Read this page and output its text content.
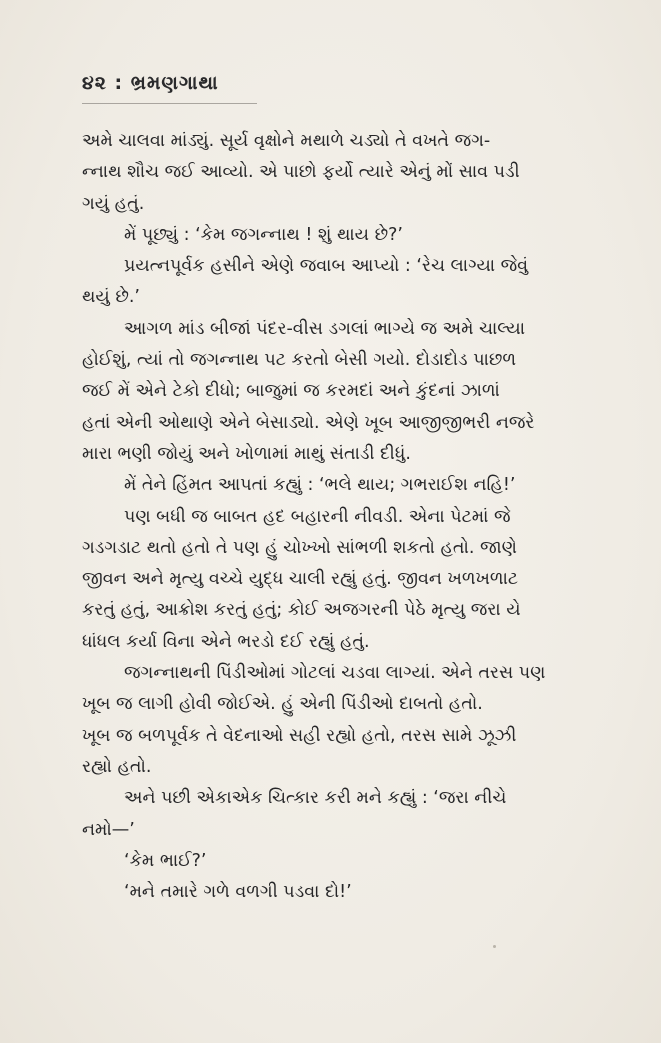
૪૨ : ભ્રમણગાથા
અમે ચાલવા માંડ્યું. સૂર્ય વૃક્ષોને મથાળે ચડ્યો તે વખતે જગ-
ન્નાથ શૌચ જઈ આવ્યો. એ પાછો ફર્યો ત્યારે એનું મોં સાવ પડી
ગયું હતું.
મેં પૂછ્યું : ‘કેમ જગન્નાથ ! શું થાય છે?’
પ્રયત્નપૂર્વક હસીને એણે જવાબ આપ્યો : ‘રેચ લાગ્યા જેવું
થયું છે.’
આગળ માંડ બીજાં પંદર-વીસ ડગલાં ભાગ્યે જ અમે ચાલ્યા
હોઈશું, ત્યાં તો જગન્નાથ પટ કરતો બેસી ગયો. દોડાદોડ પાછળ
જઈ મેં એને ટેકો દીધો; બાજુમાં જ કરમદાં અને કુંદનાં ઝાળાં
હતાં એની ઓથાણે એને બેસાડ્યો. એણે ખૂબ આજીજીભરી નજરે
મારા ભણી જોયું અને ખોળામાં માથું સંતાડી દીધું.
મેં તેને હિંમત આપતાં કહ્યું : ‘ભલે થાય; ગભરાઈશ નહિ!’
પણ બધી જ બાબત હદ બહારની નીવડી. એના પેટમાં જે
ગડગડાટ થતો હતો તે પણ હું ચોખ્ખો સાંભળી શકતો હતો. જાણે
જીવન અને મૃત્યુ વચ્ચે યુદ્ધ ચાલી રહ્યું હતું. જીવન ખળખળાટ
કરતું હતું, આક્રોશ કરતું હતું; કોઈ અજગરની પેઠે મૃત્યુ જરા યે
ધાંધલ કર્યા વિના એને ભરડો દઈ રહ્યું હતું.
જગન્નાથની પિંડીઓમાં ગોટલાં ચડવા લાગ્યાં. એને તરસ પણ
ખૂબ જ લાગી હોવી જોઈએ. હું એની પિંડીઓ દાબતો હતો.
ખૂબ જ બળપૂર્વક તે વેદનાઓ સહી રહ્યો હતો, તરસ સામે ઝૂઝી
રહ્યો હતો.
અને પછી એકાએક ચિત્કાર કરી મને કહ્યું : ‘જરા નીચે
નમો—’
‘કેમ ભાઈ?’
‘મને તમારે ગળે વળગી પડવા દો!’
